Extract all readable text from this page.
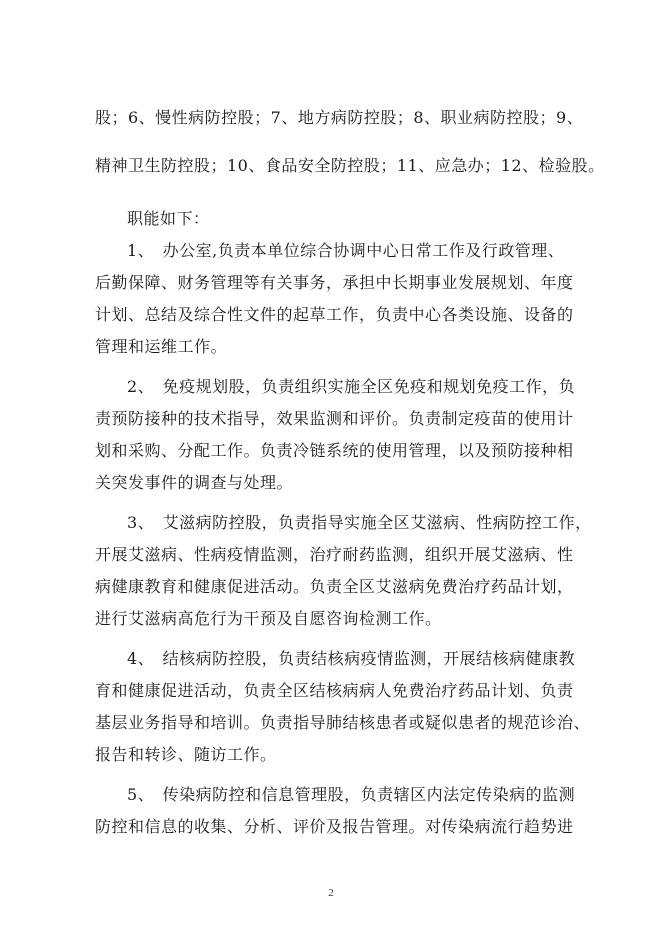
股；6、慢性病防控股；7、地方病防控股；8、职业病防控股；9、
精神卫生防控股；10、食品安全防控股；11、应急办；12、检验股。
职能如下：
1、　办公室,负责本单位综合协调中心日常工作及行政管理、
后勤保障、财务管理等有关事务，承担中长期事业发展规划、年度
计划、总结及综合性文件的起草工作，负责中心各类设施、设备的
管理和运维工作。
2、　免疫规划股，负责组织实施全区免疫和规划免疫工作，负
责预防接种的技术指导，效果监测和评价。负责制定疫苗的使用计
划和采购、分配工作。负责冷链系统的使用管理，以及预防接种相
关突发事件的调查与处理。
3、　艾滋病防控股，负责指导实施全区艾滋病、性病防控工作，
开展艾滋病、性病疫情监测，治疗耐药监测，组织开展艾滋病、性
病健康教育和健康促进活动。负责全区艾滋病免费治疗药品计划，
进行艾滋病高危行为干预及自愿咨询检测工作。
4、　结核病防控股，负责结核病疫情监测，开展结核病健康教
育和健康促进活动，负责全区结核病病人免费治疗药品计划、负责
基层业务指导和培训。负责指导肺结核患者或疑似患者的规范诊治、
报告和转诊、随访工作。
5、　传染病防控和信息管理股，负责辖区内法定传染病的监测
防控和信息的收集、分析、评价及报告管理。对传染病流行趋势进
2
